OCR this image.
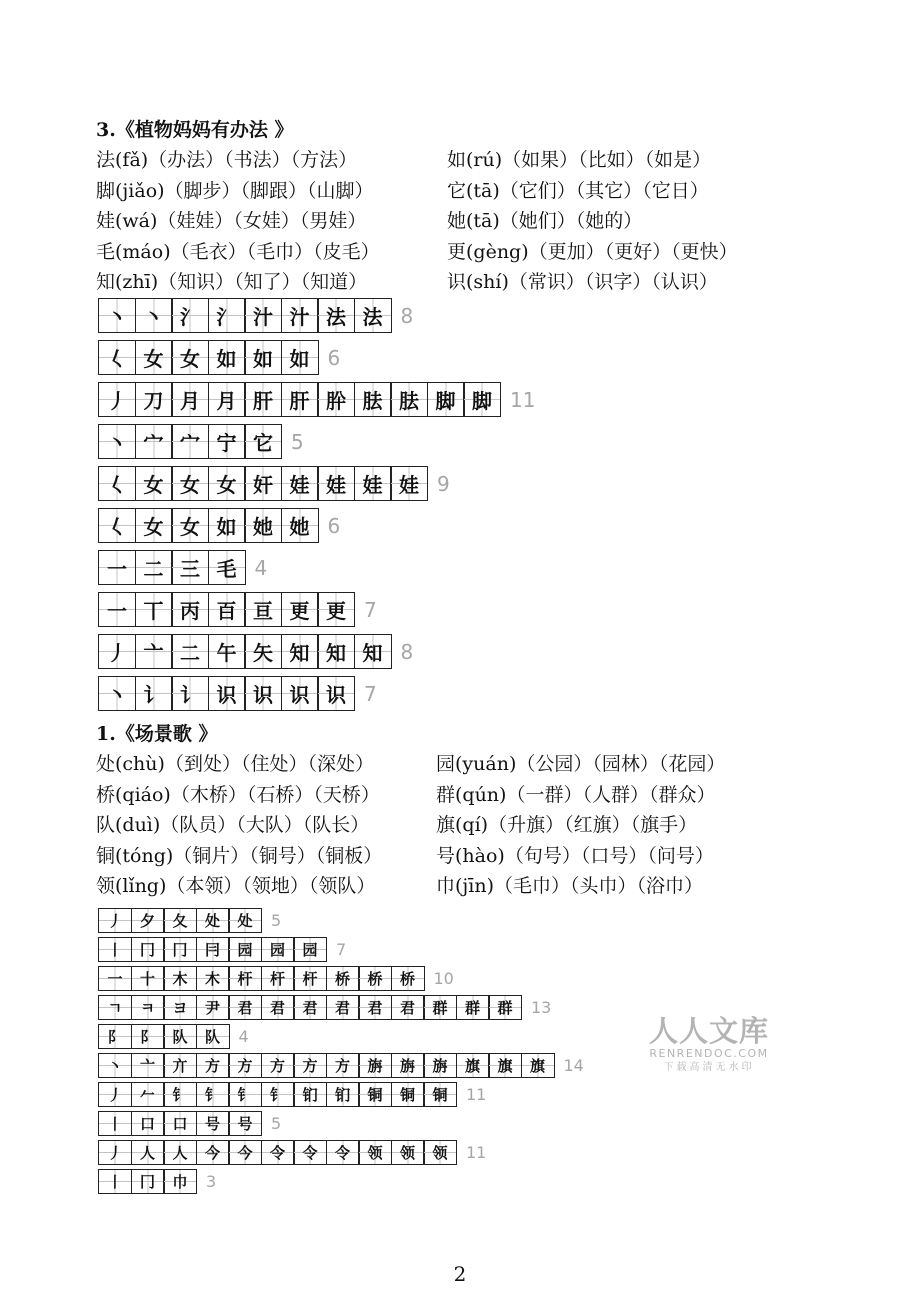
3.《植物妈妈有办法 》
法(fǎ)（办法）（书法）（方法）	如(rú)（如果）（比如）（如是）
脚(jiǎo)（脚步）（脚跟）（山脚）	它(tā)（它们）（其它）（它日）
娃(wá)（娃娃）（女娃）（男娃）	她(tā)（她们）（她的）
毛(máo)（毛衣）（毛巾）（皮毛）	更(gèng)（更加）（更好）（更快）
知(zhī)（知识）（知了）（知道）	识(shí)（常识）（识字）（认识）
丶 丶 氵 氵 汁 汁 法 法 8
𡿨 女 女 如 如 如 6
丿 刀 月 月 肝 肝 肸 胠 胠 脚 脚 11
丶 宀 宀 宁 它 5
𡿨 女 女 女 奸 娃 娃 娃 娃 9
𡿨 女 女 如 她 她 6
一 二 三 毛 4
一 丅 丙 百 亘 更 更 7
丿 亠 二 午 矢 知 知 知 8
丶 讠 讠 识 识 识 识 7
1.《场景歌 》
处(chù)（到处）（住处）（深处）	园(yuán)（公园）（园林）（花园）
桥(qiáo)（木桥）（石桥）（天桥）	群(qún)（一群）（人群）（群众）
队(duì)（队员）（大队）（队长）	旗(qí)（升旗）（红旗）（旗手）
铜(tóng)（铜片）（铜号）（铜板）	号(hào)（句号）（口号）（问号）
领(lǐng)（本领）（领地）（领队）	巾(jīn)（毛巾）（头巾）（浴巾）
丿	夕	夂	处	处	5
丨	冂	冂	冃	园	园	园	7
一	十	木	木	杆	杆	杆	桥	桥	桥	10
ㄱ	ㅋ	ヨ	尹	君	君	君	君	君	君	群	群	群	13
阝	阝	队	队	4
丶	亠	亣	方	方	方	方	方	旃	旃	旃	旗	旗	旗	14
丿	𠂉	钅	钅	钅	钅	钔	钔	铜	铜	铜	11
丨	口	口	号	号	5
丿	人	人	今	今	令	令	令	领	领	领	11
丨	冂	巾	3
人人文库
RENRENDOC.COM
下载高清无水印
2
